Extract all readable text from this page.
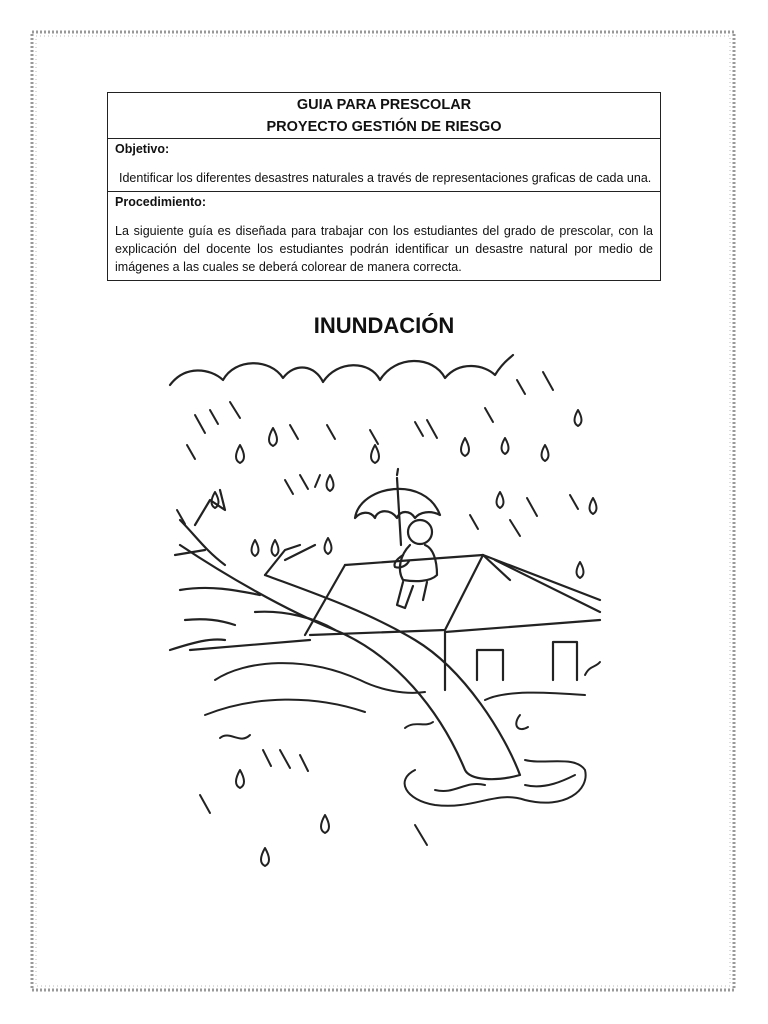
GUIA PARA PRESCOLAR
PROYECTO GESTIÓN DE RIESGO
Objetivo:
Identificar los diferentes desastres naturales a través de representaciones graficas de cada una.
Procedimiento:
La siguiente guía es diseñada para trabajar con los estudiantes del grado de prescolar, con la explicación del docente los estudiantes podrán identificar un desastre natural por medio de imágenes a las cuales se deberá colorear de manera correcta.
INUNDACIÓN
